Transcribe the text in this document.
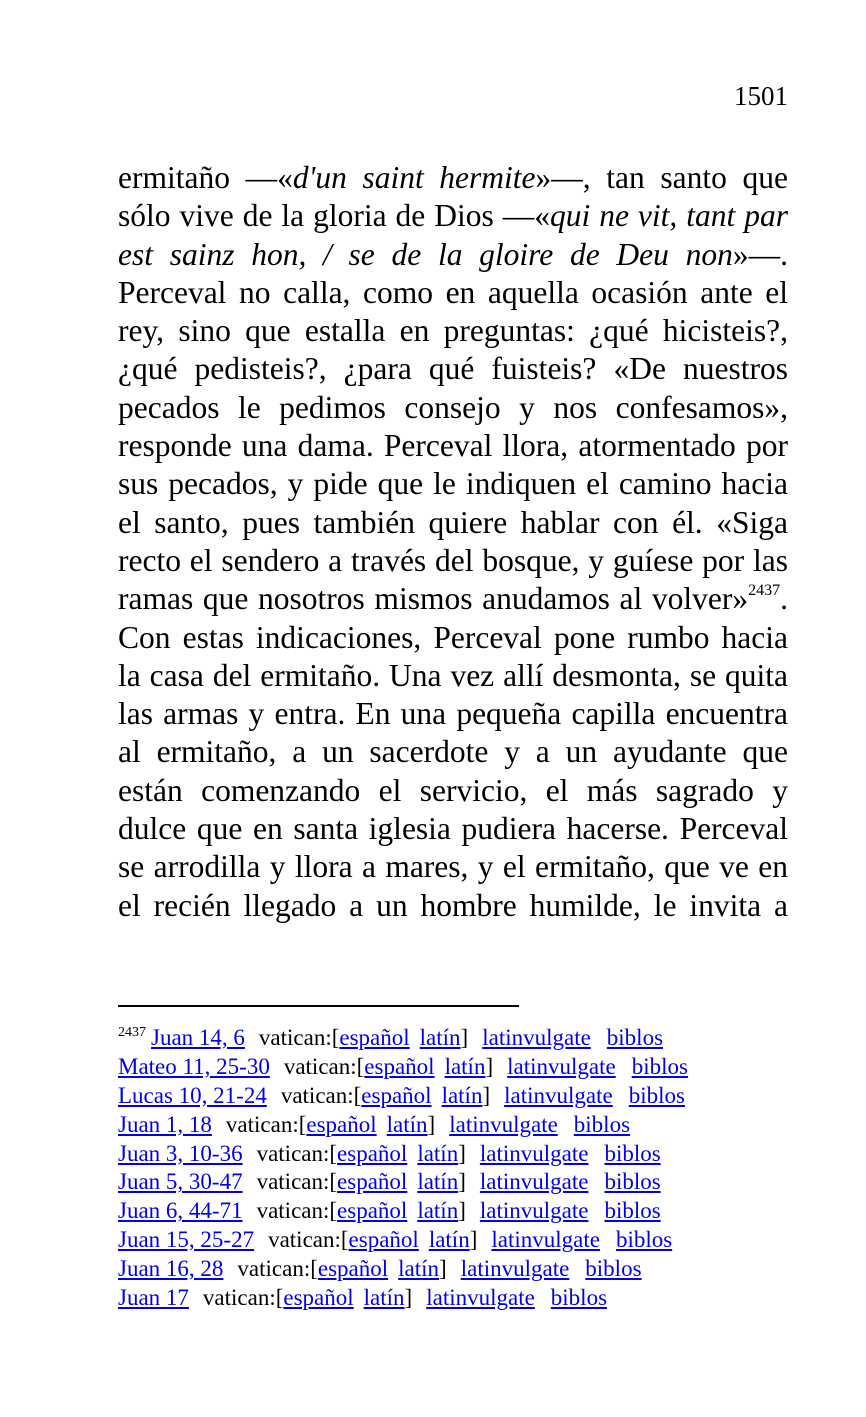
1501

ermitaño —«d'un saint hermite»—, tan santo que sólo vive de la gloria de Dios —«qui ne vit, tant par est sainz hon, / se de la gloire de Deu non»—. Perceval no calla, como en aquella ocasión ante el rey, sino que estalla en preguntas: ¿qué hicisteis?, ¿qué pedisteis?, ¿para qué fuisteis? «De nuestros pecados le pedimos consejo y nos confesamos», responde una dama. Perceval llora, atormentado por sus pecados, y pide que le indiquen el camino hacia el santo, pues también quiere hablar con él. «Siga recto el sendero a través del bosque, y guíese por las ramas que nosotros mismos anudamos al volver»$^{2437}$. Con estas indicaciones, Perceval pone rumbo hacia la casa del ermitaño. Una vez allí desmonta, se quita las armas y entra. En una pequeña capilla encuentra al ermitaño, a un sacerdote y a un ayudante que están comenzando el servicio, el más sagrado y dulce que en santa iglesia pudiera hacerse. Perceval se arrodilla y llora a mares, y el ermitaño, que ve en el recién llegado a un hombre humilde, le invita a

$^{2437}$ Juan 14, 6 vatican:[español latín] latinvulgate biblos
Mateo 11, 25-30 vatican:[español latín] latinvulgate biblos
Lucas 10, 21-24 vatican:[español latín] latinvulgate biblos
Juan 1, 18 vatican:[español latín] latinvulgate biblos
Juan 3, 10-36 vatican:[español latín] latinvulgate biblos
Juan 5, 30-47 vatican:[español latín] latinvulgate biblos
Juan 6, 44-71 vatican:[español latín] latinvulgate biblos
Juan 15, 25-27 vatican:[español latín] latinvulgate biblos
Juan 16, 28 vatican:[español latín] latinvulgate biblos
Juan 17 vatican:[español latín] latinvulgate biblos
